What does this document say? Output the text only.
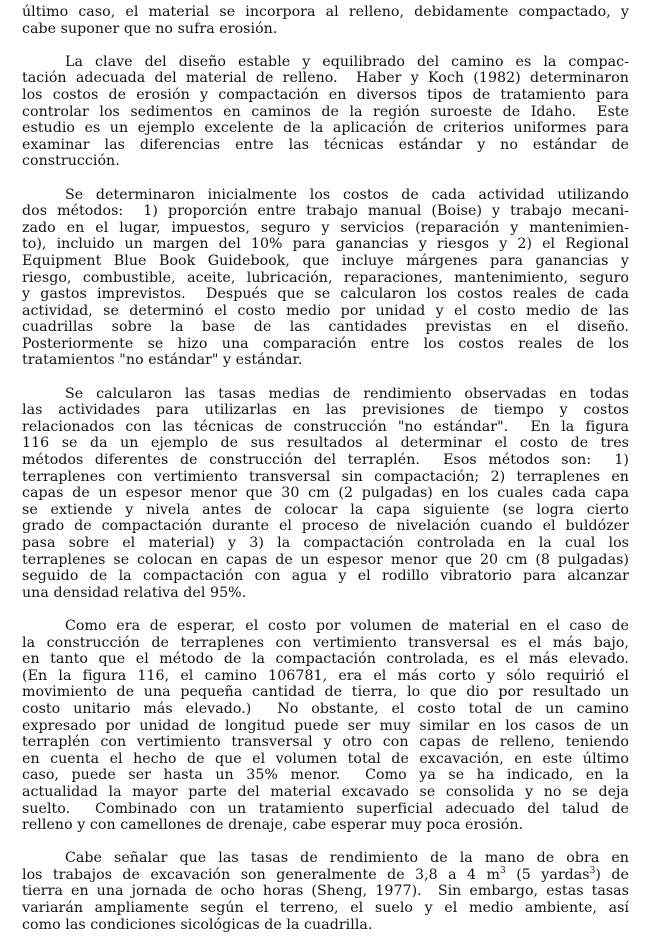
último caso, el material se incorpora al relleno, debidamente compactado, y
cabe suponer que no sufra erosión.
La clave del diseño estable y equilibrado del camino es la compac-
tación adecuada del material de relleno.  Haber y Koch (1982) determinaron
los costos de erosión y compactación en diversos tipos de tratamiento para
controlar los sedimentos en caminos de la región suroeste de Idaho.  Este
estudio es un ejemplo excelente de la aplicación de criterios uniformes para
examinar las diferencias entre las técnicas estándar y no estándar de
construcción.
Se determinaron inicialmente los costos de cada actividad utilizando
dos métodos:  1) proporción entre trabajo manual (Boise) y trabajo mecani-
zado en el lugar, impuestos, seguro y servicios (reparación y mantenimien-
to), incluido un margen del 10% para ganancias y riesgos y 2) el Regional
Equipment Blue Book Guidebook, que incluye márgenes para ganancias y
riesgo, combustible, aceite, lubricación, reparaciones, mantenimiento, seguro
y gastos imprevistos.  Después que se calcularon los costos reales de cada
actividad, se determinó el costo medio por unidad y el costo medio de las
cuadrillas sobre la base de las cantidades previstas en el diseño.
Posteriormente se hizo una comparación entre los costos reales de los
tratamientos "no estándar" y estándar.
Se calcularon las tasas medias de rendimiento observadas en todas
las actividades para utilizarlas en las previsiones de tiempo y costos
relacionados con las técnicas de construcción "no estándar".  En la figura
116 se da un ejemplo de sus resultados al determinar el costo de tres
métodos diferentes de construcción del terraplén.  Esos métodos son:  1)
terraplenes con vertimiento transversal sin compactación; 2) terraplenes en
capas de un espesor menor que 30 cm (2 pulgadas) en los cuales cada capa
se extiende y nivela antes de colocar la capa siguiente (se logra cierto
grado de compactación durante el proceso de nivelación cuando el buldózer
pasa sobre el material) y 3) la compactación controlada en la cual los
terraplenes se colocan en capas de un espesor menor que 20 cm (8 pulgadas)
seguido de la compactación con agua y el rodillo vibratorio para alcanzar
una densidad relativa del 95%.
Como era de esperar, el costo por volumen de material en el caso de
la construcción de terraplenes con vertimiento transversal es el más bajo,
en tanto que el método de la compactación controlada, es el más elevado.
(En la figura 116, el camino 106781, era el más corto y sólo requirió el
movimiento de una pequeña cantidad de tierra, lo que dio por resultado un
costo unitario más elevado.)  No obstante, el costo total de un camino
expresado por unidad de longitud puede ser muy similar en los casos de un
terraplén con vertimiento transversal y otro con capas de relleno, teniendo
en cuenta el hecho de que el volumen total de excavación, en este último
caso, puede ser hasta un 35% menor.  Como ya se ha indicado, en la
actualidad la mayor parte del material excavado se consolida y no se deja
suelto.  Combinado con un tratamiento superficial adecuado del talud de
relleno y con camellones de drenaje, cabe esperar muy poca erosión.
Cabe señalar que las tasas de rendimiento de la mano de obra en
los trabajos de excavación son generalmente de 3,8 a 4 $m^3$ (5 yardas$^3$) de
tierra en una jornada de ocho horas (Sheng, 1977).  Sin embargo, estas tasas
variarán ampliamente según el terreno, el suelo y el medio ambiente, así
como las condiciones sicológicas de la cuadrilla.
